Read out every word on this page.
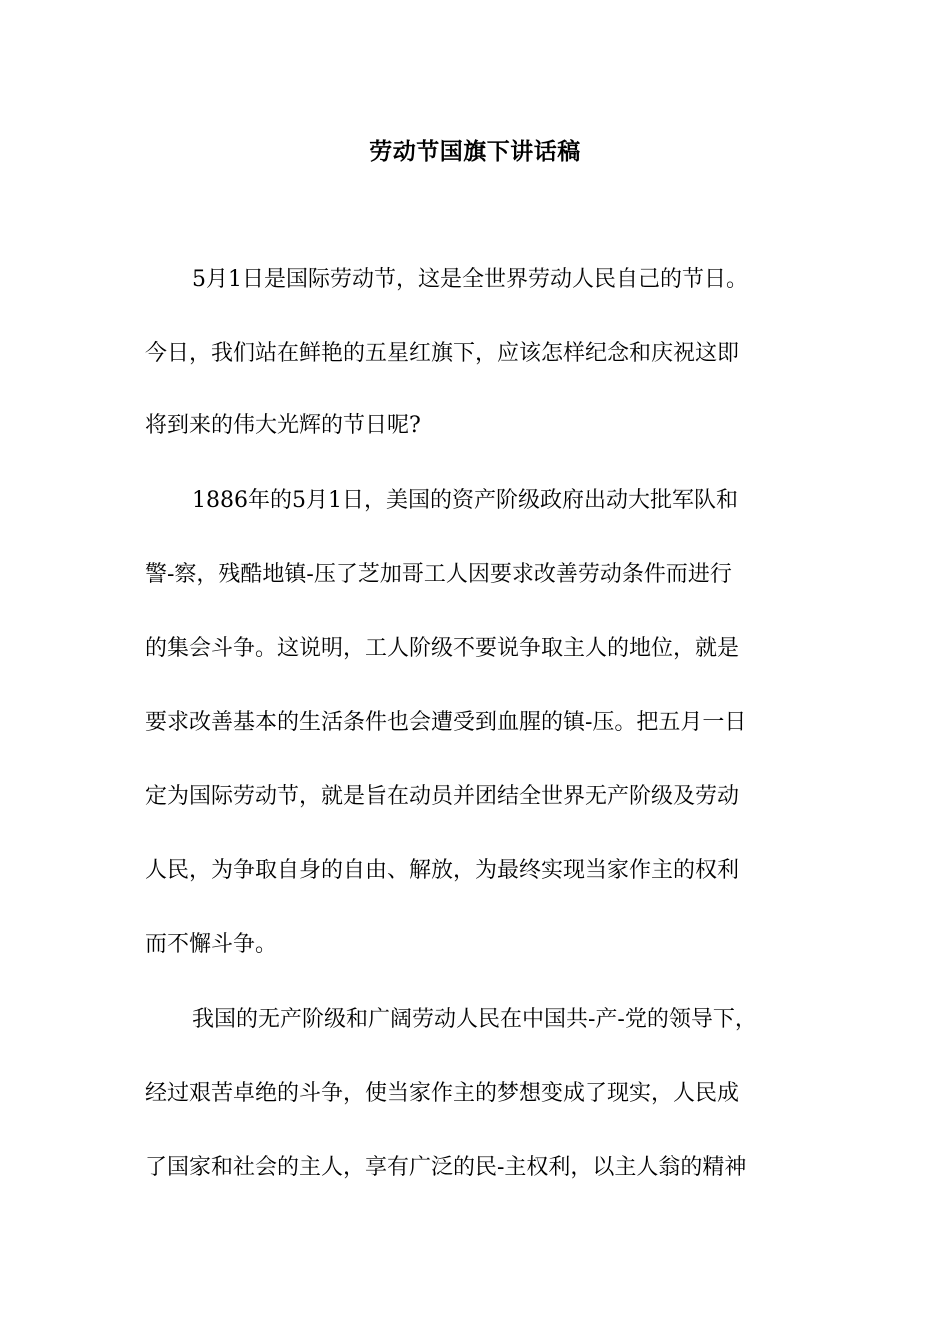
劳动节国旗下讲话稿
5月1日是国际劳动节，这是全世界劳动人民自己的节日。
今日，我们站在鲜艳的五星红旗下，应该怎样纪念和庆祝这即
将到来的伟大光辉的节日呢?
1886年的5月1日，美国的资产阶级政府出动大批军队和
警-察，残酷地镇-压了芝加哥工人因要求改善劳动条件而进行
的集会斗争。这说明，工人阶级不要说争取主人的地位，就是
要求改善基本的生活条件也会遭受到血腥的镇-压。把五月一日
定为国际劳动节，就是旨在动员并团结全世界无产阶级及劳动
人民，为争取自身的自由、解放，为最终实现当家作主的权利
而不懈斗争。
我国的无产阶级和广阔劳动人民在中国共-产-党的领导下，
经过艰苦卓绝的斗争，使当家作主的梦想变成了现实，人民成
了国家和社会的主人，享有广泛的民-主权利，以主人翁的精神
